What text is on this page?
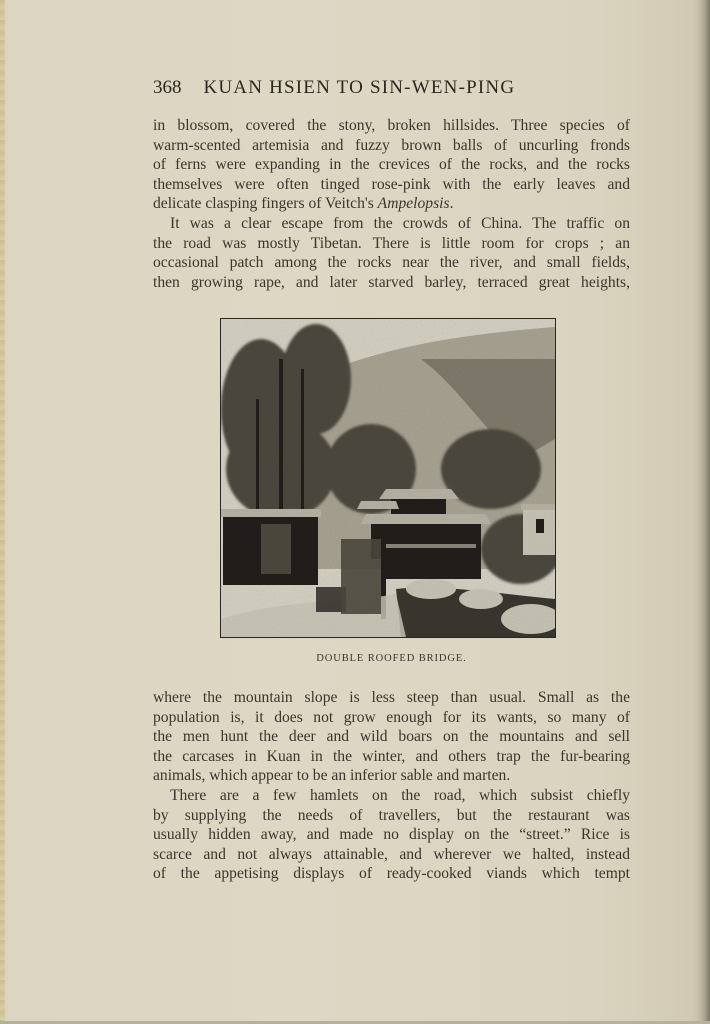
368 KUAN HSIEN TO SIN-WEN-PING
in blossom, covered the stony, broken hillsides. Three species of
warm-scented artemisia and fuzzy brown balls of uncurling fronds
of ferns were expanding in the crevices of the rocks, and the rocks
themselves were often tinged rose-pink with the early leaves and
delicate clasping fingers of Veitch's Ampelopsis.
It was a clear escape from the crowds of China. The traffic on
the road was mostly Tibetan. There is little room for crops ; an
occasional patch among the rocks near the river, and small fields,
then growing rape, and later starved barley, terraced great heights,
DOUBLE ROOFED BRIDGE.
where the mountain slope is less steep than usual. Small as the
population is, it does not grow enough for its wants, so many of
the men hunt the deer and wild boars on the mountains and sell
the carcases in Kuan in the winter, and others trap the fur-bearing
animals, which appear to be an inferior sable and marten.
There are a few hamlets on the road, which subsist chiefly
by supplying the needs of travellers, but the restaurant was
usually hidden away, and made no display on the “street.” Rice is
scarce and not always attainable, and wherever we halted, instead
of the appetising displays of ready-cooked viands which tempt
